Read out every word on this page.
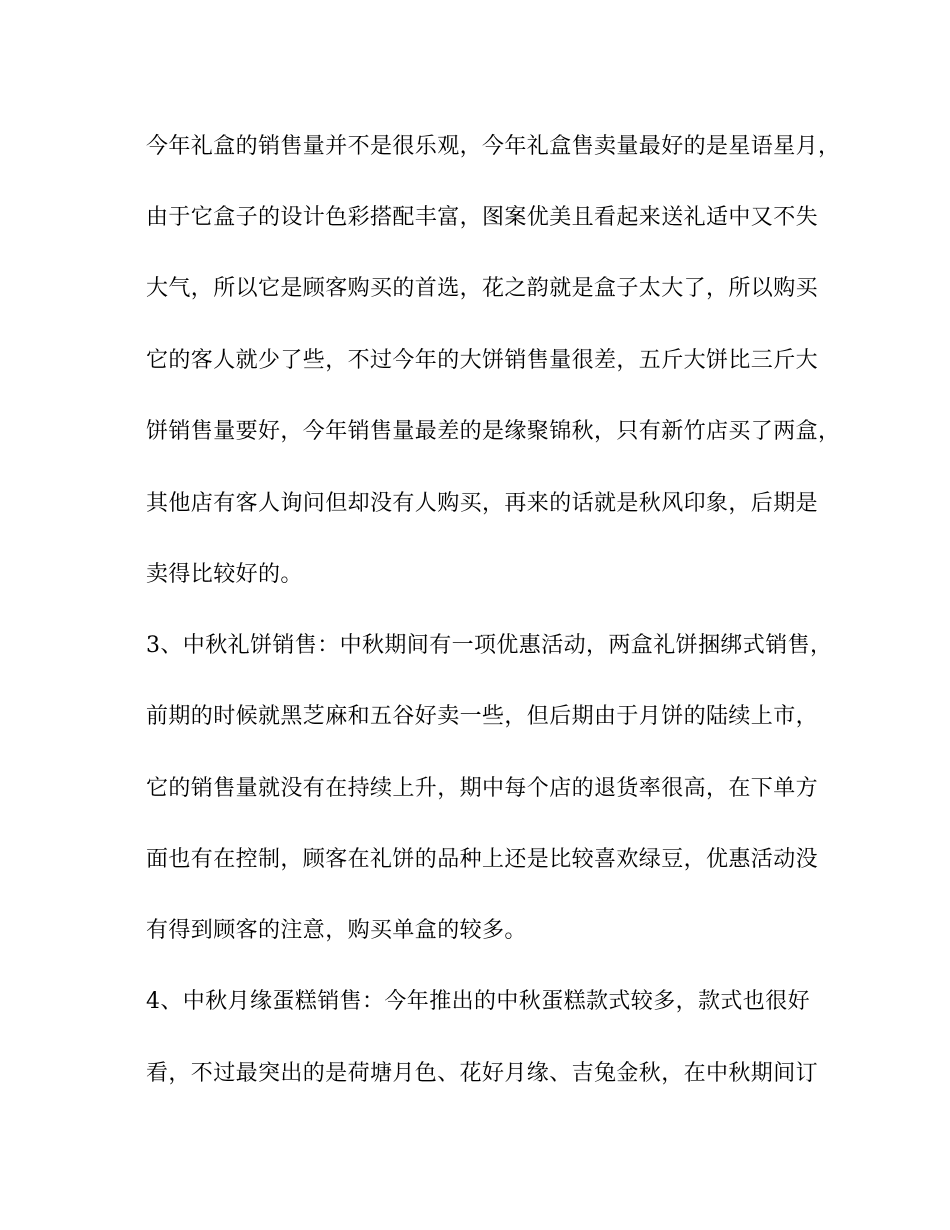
今年礼盒的销售量并不是很乐观，今年礼盒售卖量最好的是星语星月，
由于它盒子的设计色彩搭配丰富，图案优美且看起来送礼适中又不失
大气，所以它是顾客购买的首选，花之韵就是盒子太大了，所以购买
它的客人就少了些，不过今年的大饼销售量很差，五斤大饼比三斤大
饼销售量要好，今年销售量最差的是缘聚锦秋，只有新竹店买了两盒，
其他店有客人询问但却没有人购买，再来的话就是秋风印象，后期是
卖得比较好的。
3、中秋礼饼销售：中秋期间有一项优惠活动，两盒礼饼捆绑式销售，
前期的时候就黑芝麻和五谷好卖一些，但后期由于月饼的陆续上市，
它的销售量就没有在持续上升，期中每个店的退货率很高，在下单方
面也有在控制，顾客在礼饼的品种上还是比较喜欢绿豆，优惠活动没
有得到顾客的注意，购买单盒的较多。
4、中秋月缘蛋糕销售：今年推出的中秋蛋糕款式较多，款式也很好
看，不过最突出的是荷塘月色、花好月缘、吉兔金秋，在中秋期间订
